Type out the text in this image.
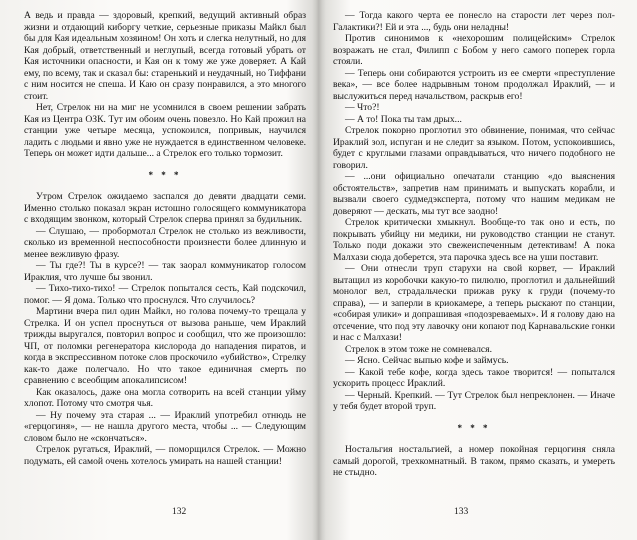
А ведь и правда — здоровый, крепкий, ведущий активный образ жизни и отдающий киборгу четкие, серьезные приказы Майкл был бы для Кая идеальным хозяином! Он хоть и слегка нелутный, но для Кая добрый, ответственный и неглупый, всегда готовый убрать от Кая источники опасности, и Кая он к тому же уже доверяет. А Кай ему, по всему, так и сказал бы: старенький и неудачный, но Тиффани с ним носится не спеша. И Каю он сразу понравился, а это многого стоит.

Нет, Стрелок ни на миг не усомнился в своем решении забрать Кая из Центра ОЗК. Тут им обоим очень повезло. Но Кай прожил на станции уже четыре месяца, успокоился, попривык, научился ладить с людьми и явно уже не нуждается в единственном человеке. Теперь он может идти дальше... а Стрелок его только тормозит.

* * *

Утром Стрелок ожидаемо заспался до девяти двадцати семи. Именно столько показал экран истошно голосящего коммуникатора с входящим звонком, который Стрелок сперва принял за будильник.

— Слушаю, — пробормотал Стрелок не столько из вежливости, сколько из временной неспособности произнести более длинную и менее вежливую фразу.

— Ты где?! Ты в курсе?! — так заорал коммуникатор голосом Ираклия, что лучше бы звонил.

— Тихо-тихо-тихо! — Стрелок попытался сесть, Кай подскочил, помог. — Я дома. Только что проснулся. Что случилось?

Мартини вчера пил один Майкл, но голова почему-то трещала у Стрелка. И он успел проснуться от вызова раньше, чем Ираклий трижды выругался, повторил вопрос и сообщил, что же произошло: ЧП, от поломки регенератора кислорода до нападения пиратов, и когда в экспрессивном потоке слов проскочило «убийство», Стрелку как-то даже полегчало. Но что такое единичная смерть по сравнению с всеобщим апокалипсисом!

Как оказалось, даже она могла сотворить на всей станции уйму хлопот. Потому что смотря чья.

— Ну почему эта старая ... — Ираклий употребил отнюдь не «герцогиня», — не нашла другого места, чтобы ... — Следующим словом было не «скончаться».

Стрелок ругаться, Ираклий, — поморщился Стрелок. — Можно подумать, ей самой очень хотелось умирать на нашей станции!

132

— Тогда какого черта ее понесло на старости лет через пол-Галактики?! Ей и эта ..., будь они неладны!

Против синонимов к «нехорошим полицейским» Стрелок возражать не стал, Филипп с Бобом у него самого поперек горла стояли.

— Теперь они собираются устроить из ее смерти «преступление века», — все более надрывным тоном продолжал Ираклий, — и выслужиться перед начальством, раскрыв его!

— Что?!

— А то! Пока ты там дрых...

Стрелок покорно проглотил это обвинение, понимая, что сейчас Ираклий зол, испуган и не следит за языком. Потом, успокоившись, будет с круглыми глазами оправдываться, что ничего подобного не говорил.

— ...они официально опечатали станцию «до выяснения обстоятельств», запретив нам принимать и выпускать корабли, и вызвали своего судмедэксперта, потому что нашим медикам не доверяют — дескать, мы тут все заодно!

Стрелок критически хмыкнул. Вообще-то так оно и есть, по покрывать убийцу ни медики, ни руководство станции не станут. Только поди докажи это свежеиспеченным детективам! А пока Малхази сюда доберется, эта парочка здесь все на уши поставит.

— Они отнесли труп старухи на свой корвет, — Ираклий вытащил из коробочки какую-то пилюлю, проглотил и дальнейший монолог вел, страдальчески прижав руку к груди (почему-то справа), — и заперли в криокамере, а теперь рыскают по станции, «собирая улики» и допрашивая «подозреваемых». И я голову даю на отсечение, что под эту лавочку они копают под Карнавальские гонки и нас с Малхази!

Стрелок в этом тоже не сомневался.

— Ясно. Сейчас выпью кофе и займусь.

— Какой тебе кофе, когда здесь такое творится! — попытался ускорить процесс Ираклий.

— Черный. Крепкий. — Тут Стрелок был непреклонен. — Иначе у тебя будет второй труп.

* * *

Ностальгия ностальгией, а номер покойная герцогиня сняла самый дорогой, трехкомнатный. В таком, прямо сказать, и умереть не стыдно.

133
